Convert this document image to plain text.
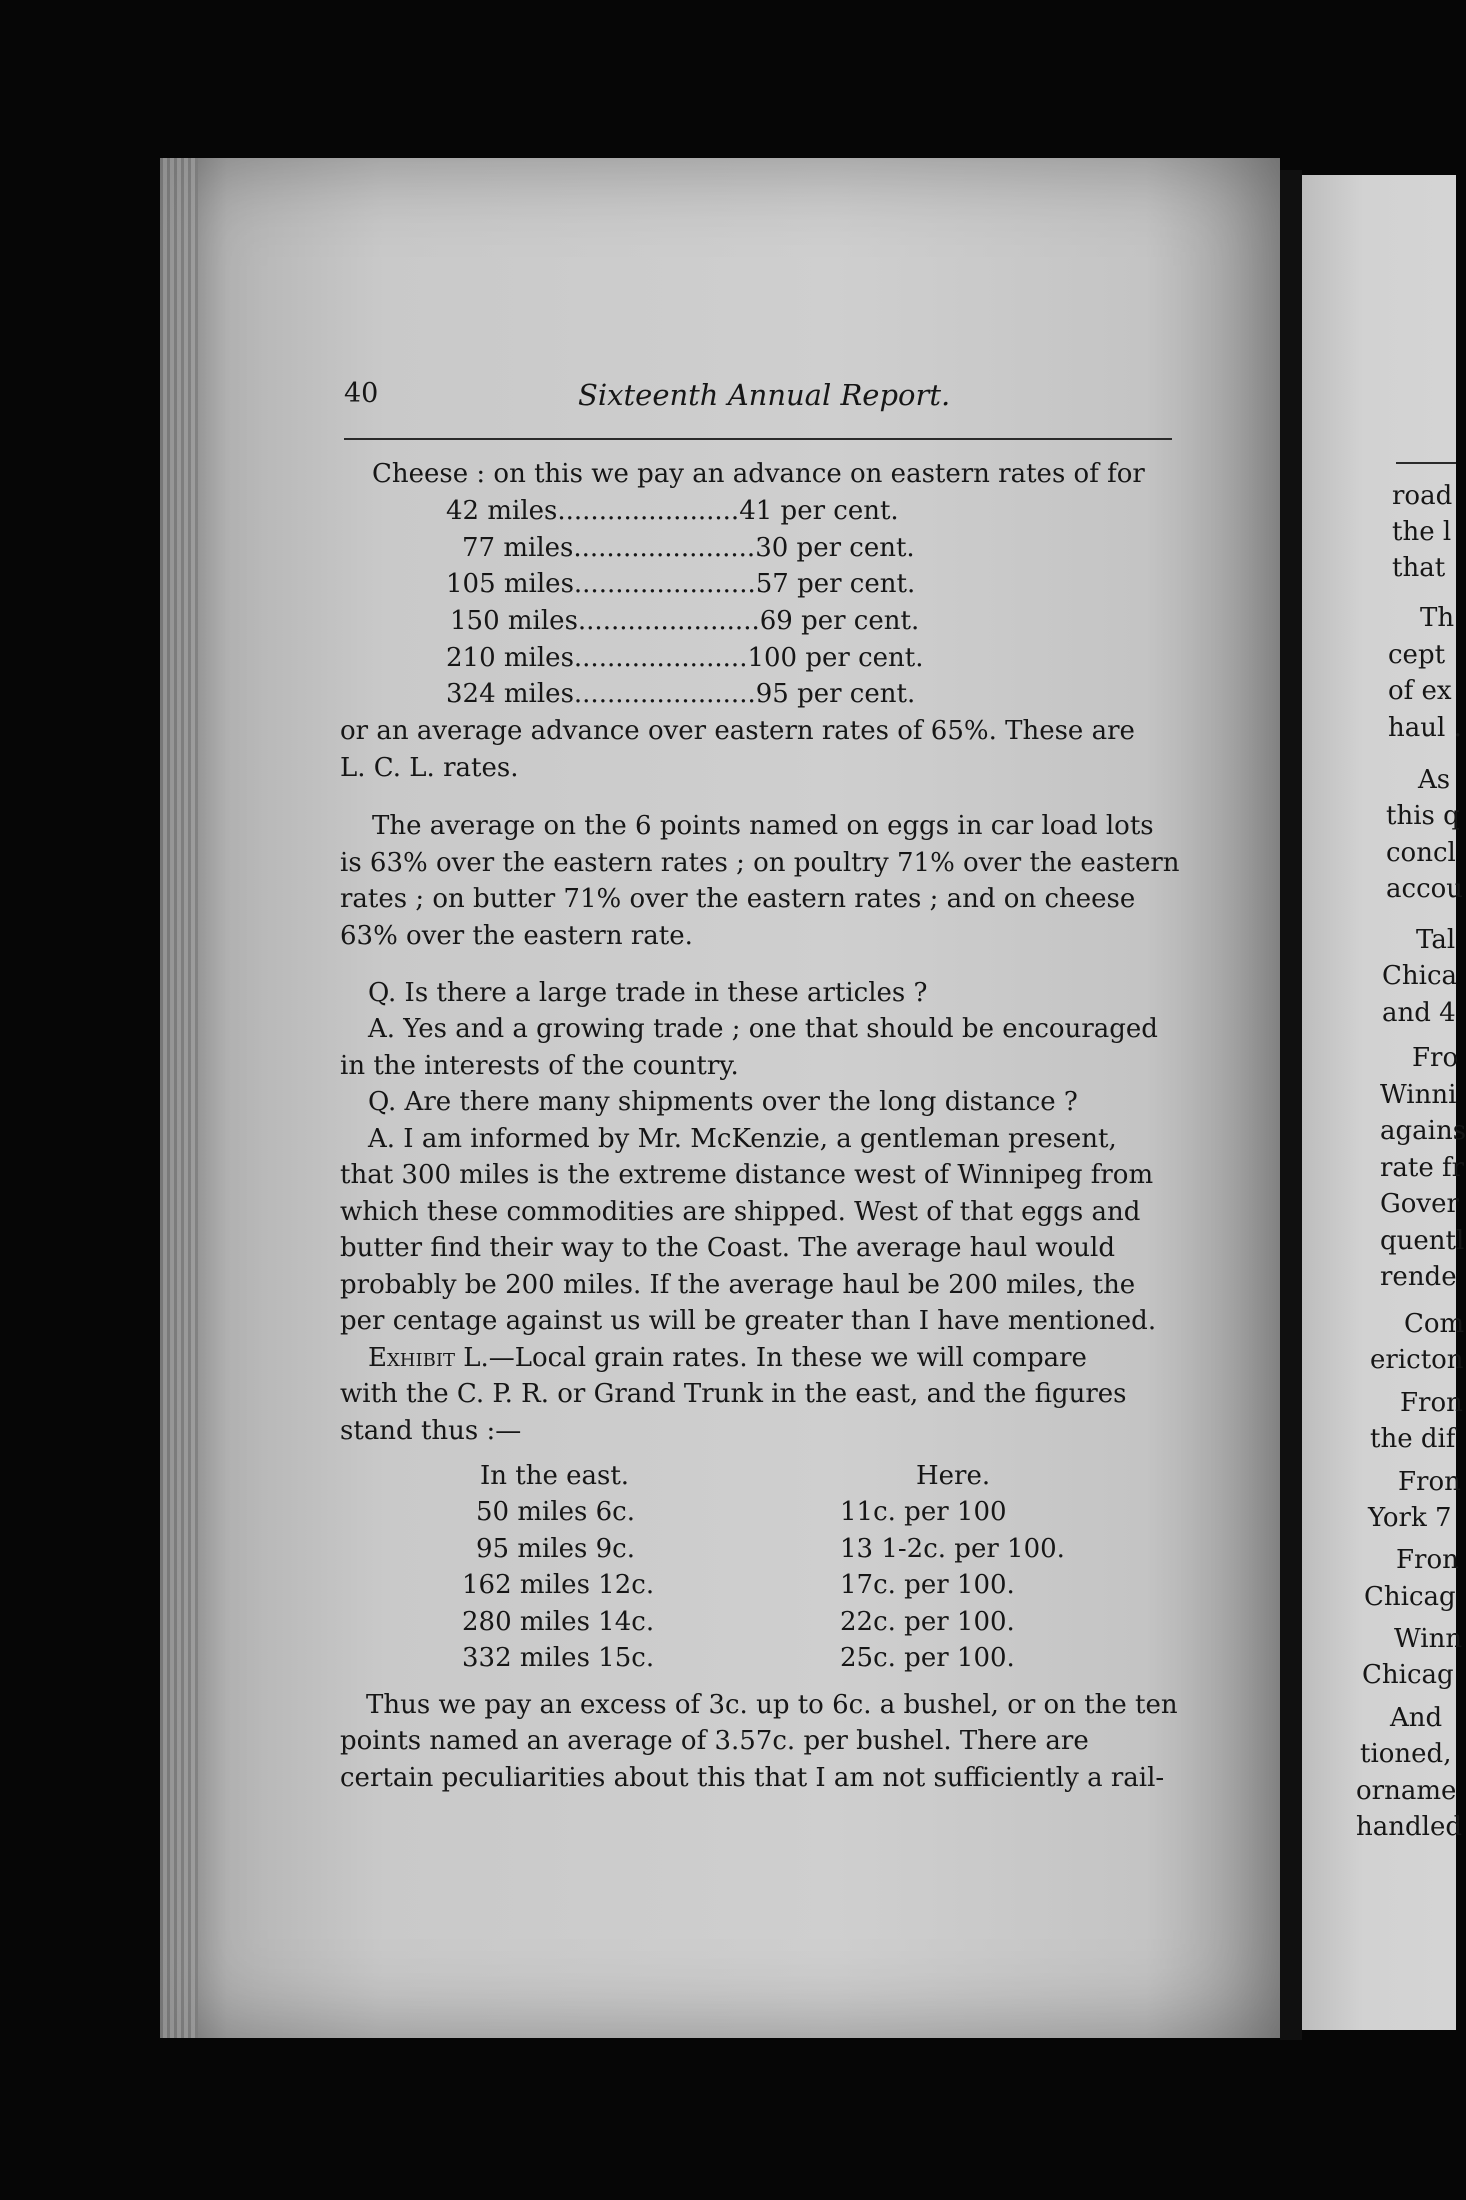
40	Sixteenth Annual Report.
Cheese : on this we pay an advance on eastern rates of for
42 miles......................41 per cent.
77 miles......................30 per cent.
105 miles......................57 per cent.
150 miles......................69 per cent.
210 miles.....................100 per cent.
324 miles......................95 per cent.
or an average advance over eastern rates of 65%. These are
L. C. L. rates.
The average on the 6 points named on eggs in car load lots
is 63% over the eastern rates ; on poultry 71% over the eastern
rates ; on butter 71% over the eastern rates ; and on cheese
63% over the eastern rate.
Q. Is there a large trade in these articles ?
A. Yes and a growing trade ; one that should be encouraged
in the interests of the country.
Q. Are there many shipments over the long distance ?
A. I am informed by Mr. McKenzie, a gentleman present,
that 300 miles is the extreme distance west of Winnipeg from
which these commodities are shipped. West of that eggs and
butter find their way to the Coast. The average haul would
probably be 200 miles. If the average haul be 200 miles, the
per centage against us will be greater than I have mentioned.
Exhibit L.—Local grain rates. In these we will compare
with the C. P. R. or Grand Trunk in the east, and the figures
stand thus :—
In the east.	Here.
50 miles 6c.	11c. per 100
95 miles 9c.	13 1-2c. per 100.
162 miles 12c.	17c. per 100.
280 miles 14c.	22c. per 100.
332 miles 15c.	25c. per 100.
Thus we pay an excess of 3c. up to 6c. a bushel, or on the ten
points named an average of 3.57c. per bushel. There are
certain peculiarities about this that I am not sufficiently a rail-
road
the l
that
Th
cept
of ex
haul .
As
this q
concl
accou
Tal
Chica
and 4
Fro
Winni
agains
rate fr
Gover
quentl
rende
Com
ericton
Fron
the dif
Fron
York 7
Fron
Chicag
Winn
Chicag
And
tioned,
orname
handled
